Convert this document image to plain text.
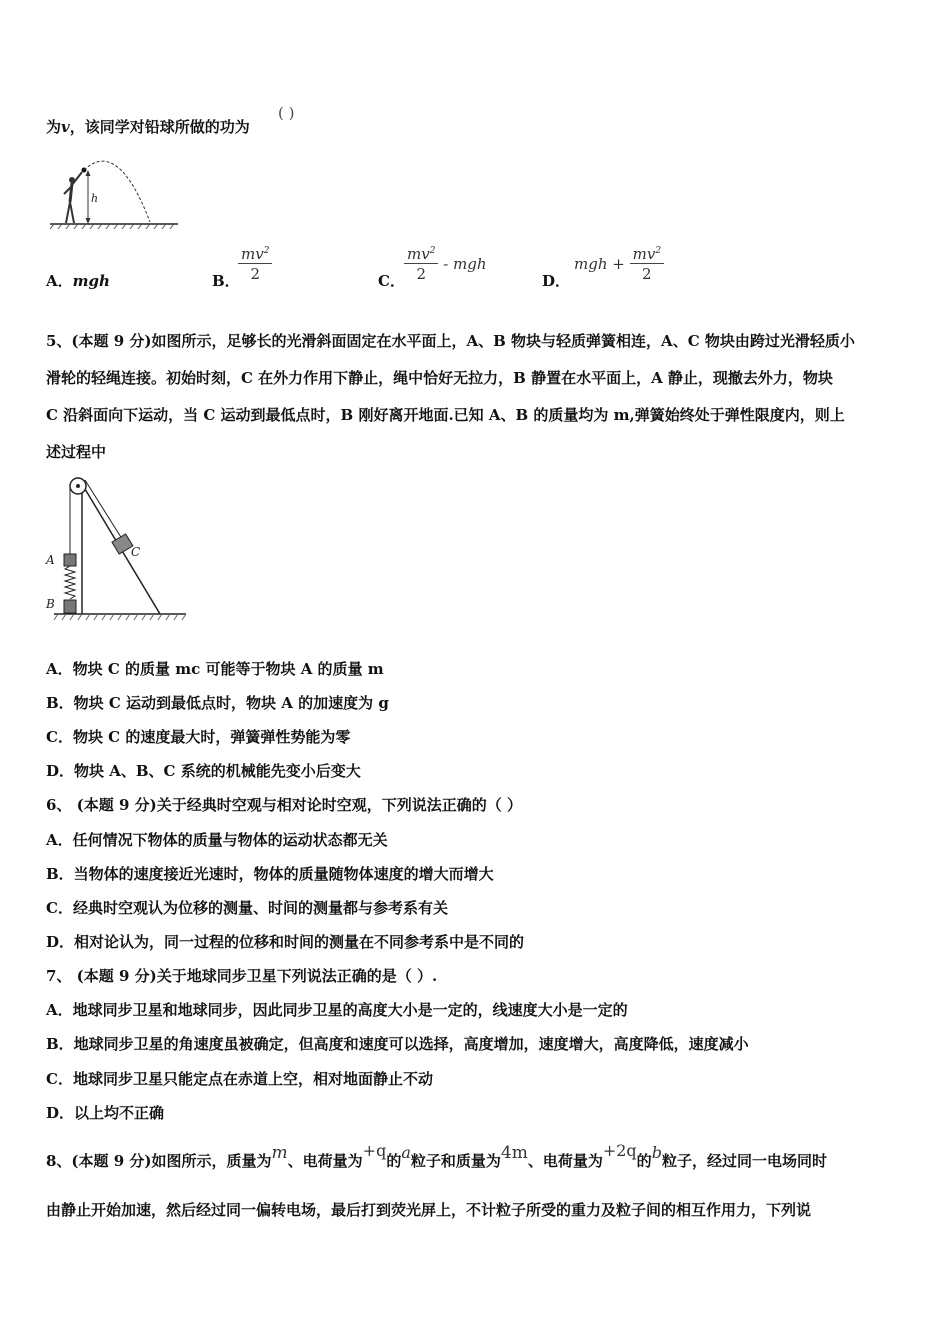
为v，该同学对铅球所做的功为
( )
h
A．mgh	B．
$\frac{mv^2}{2}$	C． $\frac{mv^2}{2}$ - mgh
D．
mgh + $\frac{mv^2}{2}$
5、(本题 9 分)如图所示，足够长的光滑斜面固定在水平面上，A、B 物块与轻质弹簧相连，A、C 物块由跨过光滑轻质小
滑轮的轻绳连接。初始时刻，C 在外力作用下静止，绳中恰好无拉力，B 静置在水平面上，A 静止，现撤去外力，物块
C 沿斜面向下运动，当 C 运动到最低点时，B 刚好离开地面.已知 A、B 的质量均为 m,弹簧始终处于弹性限度内，则上
述过程中
A
B
C
A．物块 C 的质量 mc 可能等于物块 A 的质量 m
B．物块 C 运动到最低点时，物块 A 的加速度为 g
C．物块 C 的速度最大时，弹簧弹性势能为零
D．物块 A、B、C 系统的机械能先变小后变大
6、 (本题 9 分)关于经典时空观与相对论时空观，下列说法正确的（ ）
A．任何情况下物体的质量与物体的运动状态都无关
B．当物体的速度接近光速时，物体的质量随物体速度的增大而增大
C．经典时空观认为位移的测量、时间的测量都与参考系有关
D．相对论认为，同一过程的位移和时间的测量在不同参考系中是不同的
7、 (本题 9 分)关于地球同步卫星下列说法正确的是（ ）.
A．地球同步卫星和地球同步，因此同步卫星的高度大小是一定的，线速度大小是一定的
B．地球同步卫星的角速度虽被确定，但高度和速度可以选择，高度增加，速度增大，高度降低，速度减小
C．地球同步卫星只能定点在赤道上空，相对地面静止不动
D．以上均不正确
8、(本题 9 分)如图所示，质量为m、电荷量为+q的a粒子和质量为4m、电荷量为+2q的b粒子，经过同一电场同时
由静止开始加速，然后经过同一偏转电场，最后打到荧光屏上，不计粒子所受的重力及粒子间的相互作用力，下列说
